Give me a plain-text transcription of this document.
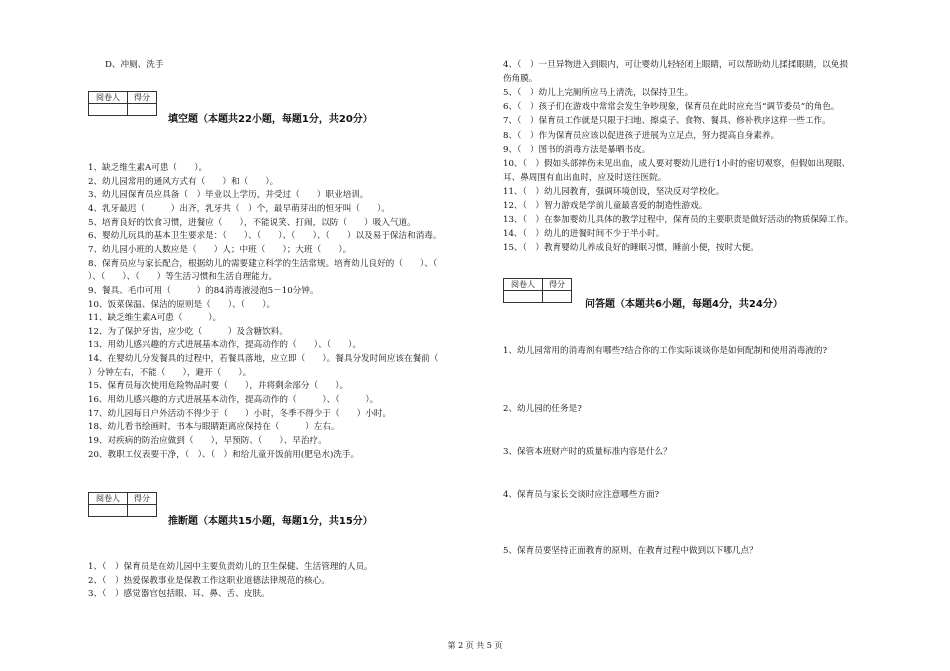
D、冲厕、洗手
阅卷人	得分

填空题（本题共22小题，每题1分，共20分）
1、缺乏维生素A可患（　　）。
2、幼儿园常用的通风方式有（　　）和（　　）。
3、幼儿园保育员应具备（　）毕业以上学历，并受过（　　）职业培训。
4、乳牙最迟（　　　）出齐，乳牙共（　）个，最早萌芽出的恒牙叫（　　）。
5、培育良好的饮食习惯，进餐应（　　），不能说笑、打闹，以防（　　）吸入气道。
6、婴幼儿玩具的基本卫生要求是：（　　）、（　　）、（　　）、（　　）以及易于保洁和消毒。
7、幼儿园小班的人数应是（　　）人；中班（　　）；大班（　　）。
8、保育员应与家长配合，根据幼儿的需要建立科学的生活常规。培育幼儿良好的（　　）、（
）、（　　）、（　　）等生活习惯和生活自理能力。
9、餐具、毛巾可用（　　　）的84消毒液浸泡5－10分钟。
10、饭菜保温、保洁的原则是（　　）、（　　）。
11、缺乏维生素A可患（　　　）。
12、为了保护牙齿，应少吃（　　　）及含糖饮料。
13、用幼儿感兴趣的方式进展基本动作，提高动作的（　　）、（　　）。
14、在婴幼儿分发餐具的过程中，若餐具落地，应立即（　　）。餐具分发时间应该在餐前（
）分钟左右，不能（　　），避开（　　）。
15、保育员每次使用危险物品时要（　　），并将剩余部分（　　）。
16、用幼儿感兴趣的方式进展基本动作，提高动作的（　　　）、（　　　）。
17、幼儿园每日户外活动不得少于（　　）小时，冬季不得少于（　　）小时。
18、幼儿看书绘画时，书本与眼睛距离应保持在（　　　）左右。
19、对疾病的防治应做到（　　），早预防、（　　）、早治疗。
20、教职工仪表要干净，（　）、（　）和给儿童开饭前用(肥皂水)洗手。
阅卷人	得分

推断题（本题共15小题，每题1分，共15分）
1、（　）保育员是在幼儿园中主要负责幼儿的卫生保健、生活管理的人员。
2、（　）热爱保教事业是保教工作这职业道德法律规范的核心。
3、（　）感觉器官包括眼、耳、鼻、舌、皮肤。
4、（　）一旦异物进入到眼内，可让婴幼儿轻轻闭上眼睛，可以帮助幼儿揉揉眼睛，以免损
伤角膜。
5、（　）幼儿上完厕所应马上清洗，以保持卫生。
6、（　）孩子们在游戏中常常会发生争吵现象，保育员在此时应充当“调节委员”的角色。
7、（　）保育员工作就是只限于扫地、擦桌子、食物、餐具、修补秩序这样一些工作。
8、（　）作为保育员应该以促进孩子进展为立足点，努力提高自身素养。
9、（　）图书的消毒方法是暴晒书皮。
10、（　）假如头部摔伤未见出血，成人要对婴幼儿进行1小时的密切观察，但假如出现眼、
耳、鼻周围有血出血时，应及时送往医院。
11、（　）幼儿园教育，强调环境创设，坚决反对学校化。
12、（　）智力游戏是学前儿童最喜爱的制造性游戏。
13、（　）在参加婴幼儿具体的教学过程中，保育员的主要职责是做好活动的物质保障工作。
14、（　）幼儿的进餐时间不少于半小时。
15、（　）教育婴幼儿养成良好的睡眠习惯，睡前小便，按时大便。
阅卷人	得分

问答题（本题共6小题，每题4分，共24分）
1、幼儿园常用的消毒剂有哪些?结合你的工作实际谈谈你是如何配制和使用消毒液的?
2、幼儿园的任务是?
3、保管本班财产时的质量标准内容是什么？
4、保育员与家长交谈时应注意哪些方面?
5、保育员要坚持正面教育的原则，在教育过程中做到以下哪几点？
第 2 页 共 5 页
